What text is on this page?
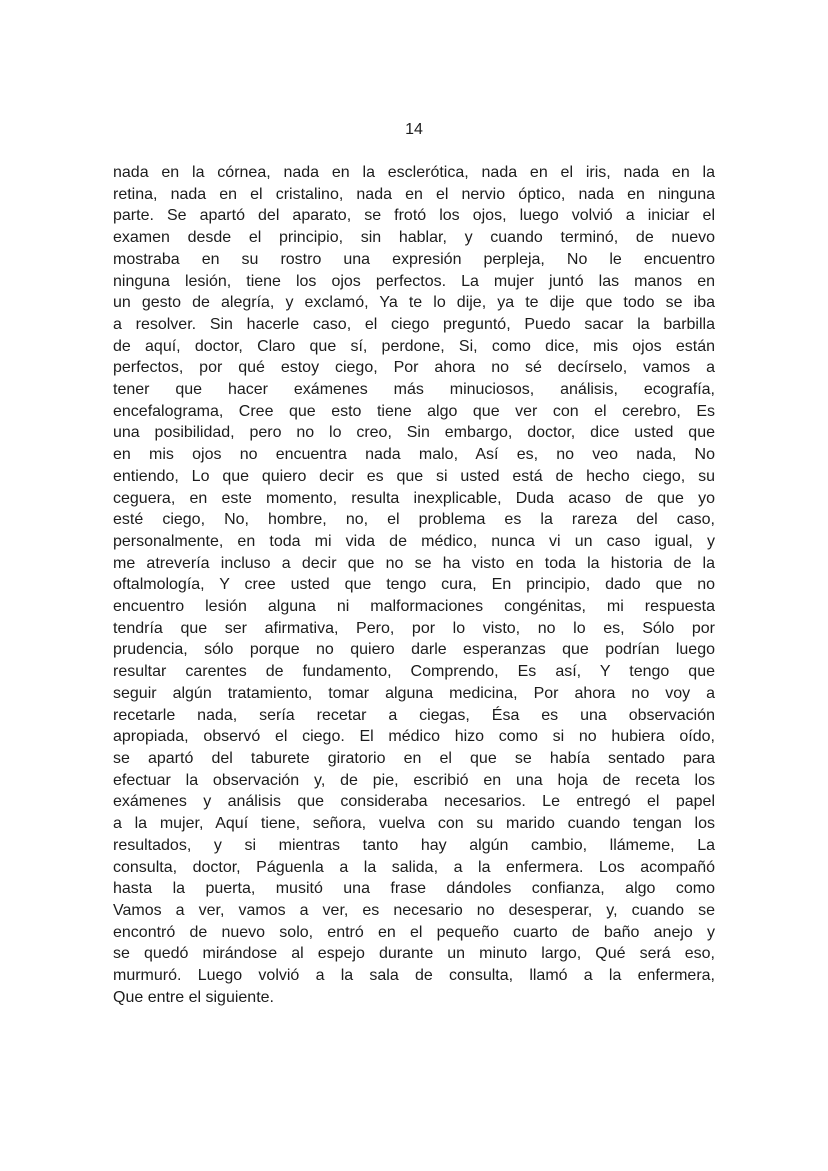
14
nada en la córnea, nada en la esclerótica, nada en el iris, nada en la
retina, nada en el cristalino, nada en el nervio óptico, nada en ninguna
parte. Se apartó del aparato, se frotó los ojos, luego volvió a iniciar el
examen desde el principio, sin hablar, y cuando terminó, de nuevo
mostraba en su rostro una expresión perpleja, No le encuentro
ninguna lesión, tiene los ojos perfectos. La mujer juntó las manos en
un gesto de alegría, y exclamó, Ya te lo dije, ya te dije que todo se iba
a resolver. Sin hacerle caso, el ciego preguntó, Puedo sacar la barbilla
de aquí, doctor, Claro que sí, perdone, Si, como dice, mis ojos están
perfectos, por qué estoy ciego, Por ahora no sé decírselo, vamos a
tener que hacer exámenes más minuciosos, análisis, ecografía,
encefalograma, Cree que esto tiene algo que ver con el cerebro, Es
una posibilidad, pero no lo creo, Sin embargo, doctor, dice usted que
en mis ojos no encuentra nada malo, Así es, no veo nada, No
entiendo, Lo que quiero decir es que si usted está de hecho ciego, su
ceguera, en este momento, resulta inexplicable, Duda acaso de que yo
esté ciego, No, hombre, no, el problema es la rareza del caso,
personalmente, en toda mi vida de médico, nunca vi un caso igual, y
me atrevería incluso a decir que no se ha visto en toda la historia de la
oftalmología, Y cree usted que tengo cura, En principio, dado que no
encuentro lesión alguna ni malformaciones congénitas, mi respuesta
tendría que ser afirmativa, Pero, por lo visto, no lo es, Sólo por
prudencia, sólo porque no quiero darle esperanzas que podrían luego
resultar carentes de fundamento, Comprendo, Es así, Y tengo que
seguir algún tratamiento, tomar alguna medicina, Por ahora no voy a
recetarle nada, sería recetar a ciegas, Ésa es una observación
apropiada, observó el ciego. El médico hizo como si no hubiera oído,
se apartó del taburete giratorio en el que se había sentado para
efectuar la observación y, de pie, escribió en una hoja de receta los
exámenes y análisis que consideraba necesarios. Le entregó el papel
a la mujer, Aquí tiene, señora, vuelva con su marido cuando tengan los
resultados, y si mientras tanto hay algún cambio, llámeme, La
consulta, doctor, Páguenla a la salida, a la enfermera. Los acompañó
hasta la puerta, musitó una frase dándoles confianza, algo como
Vamos a ver, vamos a ver, es necesario no desesperar, y, cuando se
encontró de nuevo solo, entró en el pequeño cuarto de baño anejo y
se quedó mirándose al espejo durante un minuto largo, Qué será eso,
murmuró. Luego volvió a la sala de consulta, llamó a la enfermera,
Que entre el siguiente.
